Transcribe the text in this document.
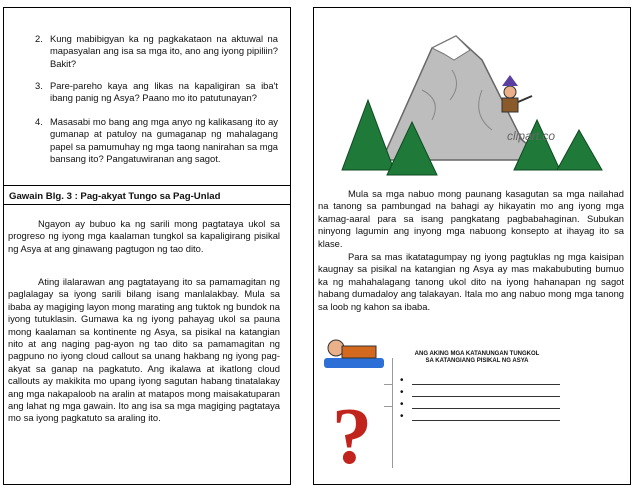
2. Kung mabibigyan ka ng pagkakataon na aktuwal na mapasyalan ang isa sa mga ito, ano ang iyong pipiliin? Bakit?
3. Pare-pareho kaya ang likas na kapaligiran sa iba't ibang panig ng Asya? Paano mo ito patutunayan?
4. Masasabi mo bang ang mga anyo ng kalikasang ito ay gumanap at patuloy na gumaganap ng mahalagang papel sa pamumuhay ng mga taong nanirahan sa mga bansang ito? Pangatuwiranan ang sagot.
Gawain Blg. 3 : Pag-akyat Tungo sa Pag-Unlad
Ngayon ay bubuo ka ng sarili mong pagtataya ukol sa progreso ng iyong mga kaalaman tungkol sa kapaligirang pisikal ng Asya at ang ginawang pagtugon ng tao dito.
Ating ilalarawan ang pagtatayang ito sa pamamagitan ng paglalagay sa iyong sarili bilang isang manlalakbay. Mula sa ibaba ay magiging layon mong marating ang tuktok ng bundok na iyong tutuklasin. Gumawa ka ng iyong pahayag ukol sa pauna mong kaalaman sa kontinente ng Asya, sa pisikal na katangian nito at ang naging pag-ayon ng tao dito sa pamamagitan ng pagpuno no iyong cloud callout sa unang hakbang ng iyong pag-akyat sa ganap na pagkatuto. Ang ikalawa at ikatlong cloud callouts ay makikita mo upang iyong sagutan habang tinatalakay ang mga nakapaloob na aralin at matapos mong maisakatuparan ang lahat ng mga gawain. Ito ang isa sa mga magiging pagtataya mo sa iyong pagkatuto sa araling ito.
clipart.co
Mula sa mga nabuo mong paunang kasagutan sa mga nailahad na tanong sa pambungad na bahagi ay hikayatin mo ang iyong mga kamag-aaral para sa isang pangkatang pagbabahaginan. Subukan ninyong lagumin ang inyong mga nabuong konsepto at ihayag ito sa klase.
Para sa mas ikatatagumpay ng iyong pagtuklas ng mga kaisipan kaugnay sa pisikal na katangian ng Asya ay mas makabubuting bumuo ka ng mahahalagang tanong ukol dito na iyong hahanapan ng sagot habang dumadaloy ang talakayan. Itala mo ang nabuo mong mga tanong sa loob ng kahon sa ibaba.
?
ANG AKING MGA KATANUNGAN TUNGKOL SA KATANGIANG PISIKAL NG ASYA
•
•
•
•
